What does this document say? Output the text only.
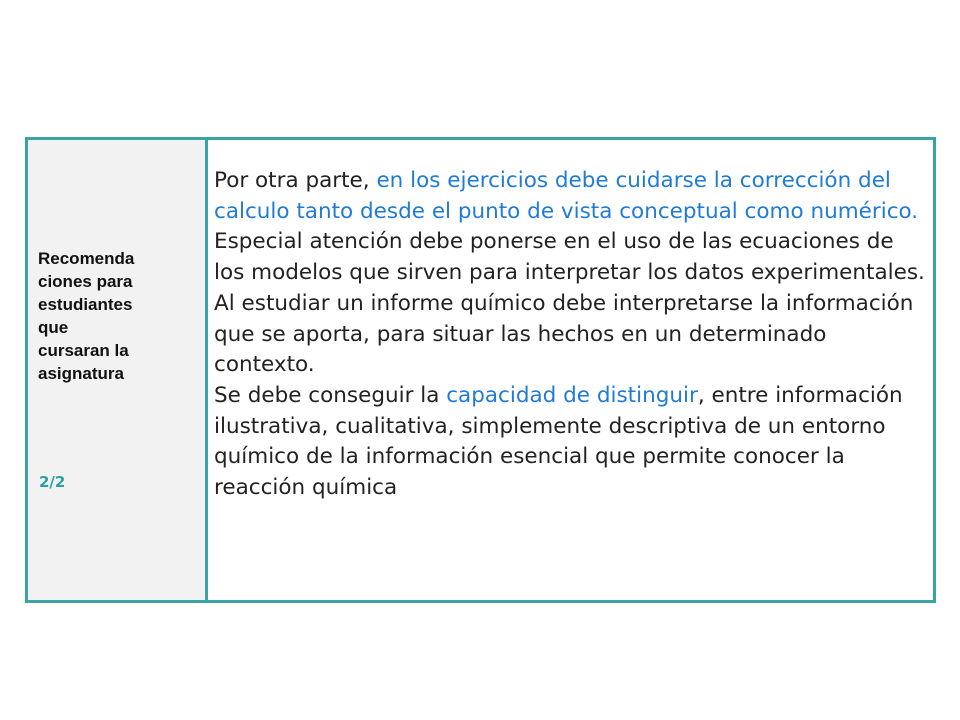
Recomenda
ciones para
estudiantes
que
cursaran la
asignatura
2/2
Por otra parte, en los ejercicios debe cuidarse la corrección del calculo tanto desde el punto de vista conceptual como numérico. Especial atención debe ponerse en el uso de las ecuaciones de los modelos que sirven para interpretar los datos experimentales.
Al estudiar un informe químico debe interpretarse la información que se aporta, para situar las hechos en un determinado contexto.
Se debe conseguir la capacidad de distinguir, entre información ilustrativa, cualitativa, simplemente descriptiva de un entorno químico de la información esencial que permite conocer la reacción química
